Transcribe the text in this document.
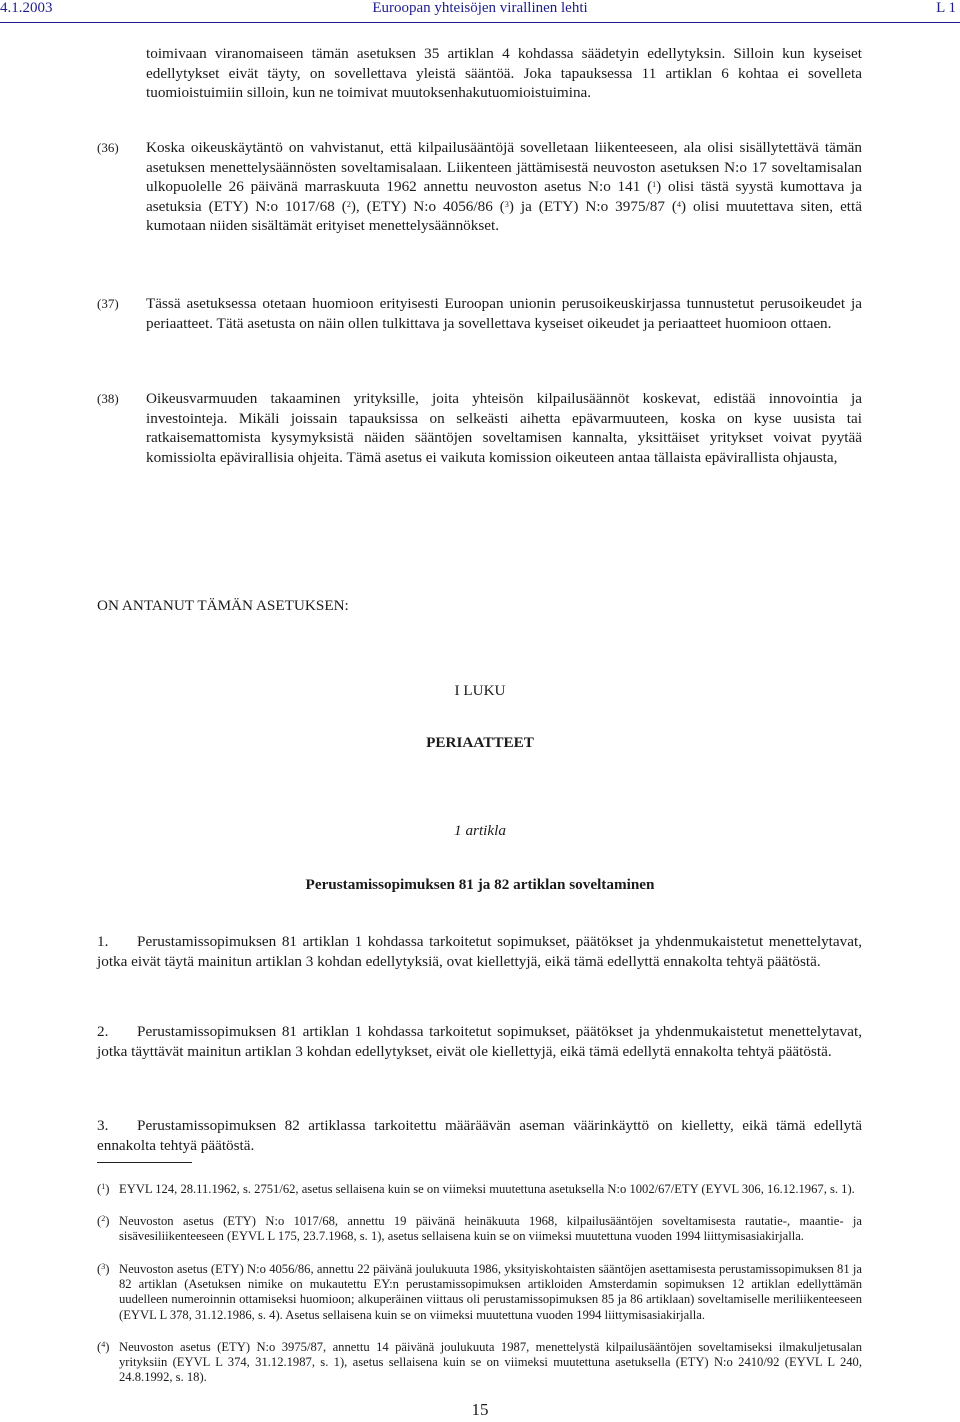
4.1.2003	Euroopan yhteisöjen virallinen lehti	L 1

toimivaan viranomaiseen tämän asetuksen 35 artiklan 4 kohdassa säädetyin edellytyksin. Silloin kun kyseiset edellytykset eivät täyty, on sovellettava yleistä sääntöä. Joka tapauksessa 11 artiklan 6 kohtaa ei sovelleta tuomioistuimiin silloin, kun ne toimivat muutoksenhakutuomioistuimina.

(36) Koska oikeuskäytäntö on vahvistanut, että kilpailusääntöjä sovelletaan liikenteeseen, ala olisi sisällytettävä tämän asetuksen menettelysäännösten soveltamisalaan. Liikenteen jättämisestä neuvoston asetuksen N:o 17 soveltamisalan ulkopuolelle 26 päivänä marraskuuta 1962 annettu neuvoston asetus N:o 141 ($^1$) olisi tästä syystä kumottava ja asetuksia (ETY) N:o 1017/68 ($^2$), (ETY) N:o 4056/86 ($^3$) ja (ETY) N:o 3975/87 ($^4$) olisi muutettava siten, että kumotaan niiden sisältämät erityiset menettelysäännökset.

(37) Tässä asetuksessa otetaan huomioon erityisesti Euroopan unionin perusoikeuskirjassa tunnustetut perusoikeudet ja periaatteet. Tätä asetusta on näin ollen tulkittava ja sovellettava kyseiset oikeudet ja periaatteet huomioon ottaen.

(38) Oikeusvarmuuden takaaminen yrityksille, joita yhteisön kilpailusäännöt koskevat, edistää innovointia ja investointeja. Mikäli joissain tapauksissa on selkeästi aihetta epävarmuuteen, koska on kyse uusista tai ratkaisemattomista kysymyksistä näiden sääntöjen soveltamisen kannalta, yksittäiset yritykset voivat pyytää komissiolta epävirallisia ohjeita. Tämä asetus ei vaikuta komission oikeuteen antaa tällaista epävirallista ohjausta,

ON ANTANUT TÄMÄN ASETUKSEN:

I LUKU
PERIAATTEET
1 artikla
Perustamissopimuksen 81 ja 82 artiklan soveltaminen

1. Perustamissopimuksen 81 artiklan 1 kohdassa tarkoitetut sopimukset, päätökset ja yhdenmukaistetut menettelytavat, jotka eivät täytä mainitun artiklan 3 kohdan edellytyksiä, ovat kiellettyjä, eikä tämä edellyttä ennakolta tehtyä päätöstä.

2. Perustamissopimuksen 81 artiklan 1 kohdassa tarkoitetut sopimukset, päätökset ja yhdenmukaistetut menettelytavat, jotka täyttävät mainitun artiklan 3 kohdan edellytykset, eivät ole kiellettyjä, eikä tämä edellytä ennakolta tehtyä päätöstä.

3. Perustamissopimuksen 82 artiklassa tarkoitettu määräävän aseman väärinkäyttö on kielletty, eikä tämä edellytä ennakolta tehtyä päätöstä.

($^1$) EYVL 124, 28.11.1962, s. 2751/62, asetus sellaisena kuin se on viimeksi muutettuna asetuksella N:o 1002/67/ETY (EYVL 306, 16.12.1967, s. 1).

($^2$) Neuvoston asetus (ETY) N:o 1017/68, annettu 19 päivänä heinäkuuta 1968, kilpailusääntöjen soveltamisesta rautatie-, maantie- ja sisävesiliikenteeseen (EYVL L 175, 23.7.1968, s. 1), asetus sellaisena kuin se on viimeksi muutettuna vuoden 1994 liittymisasiakirjalla.

($^3$) Neuvoston asetus (ETY) N:o 4056/86, annettu 22 päivänä joulukuuta 1986, yksityiskohtaisten sääntöjen asettamisesta perustamissopimuksen 81 ja 82 artiklan (Asetuksen nimike on mukautettu EY:n perustamissopimuksen artikloiden Amsterdamin sopimuksen 12 artiklan edellyttämän uudelleen numeroinnin ottamiseksi huomioon; alkuperäinen viittaus oli perustamissopimuksen 85 ja 86 artiklaan) soveltamiselle meriliikenteeseen (EYVL L 378, 31.12.1986, s. 4). Asetus sellaisena kuin se on viimeksi muutettuna vuoden 1994 liittymisasiakirjalla.

($^4$) Neuvoston asetus (ETY) N:o 3975/87, annettu 14 päivänä joulukuuta 1987, menettelystä kilpailusääntöjen soveltamiseksi ilmakuljetusalan yrityksiin (EYVL L 374, 31.12.1987, s. 1), asetus sellaisena kuin se on viimeksi muutettuna asetuksella (ETY) N:o 2410/92 (EYVL L 240, 24.8.1992, s. 18).

15
